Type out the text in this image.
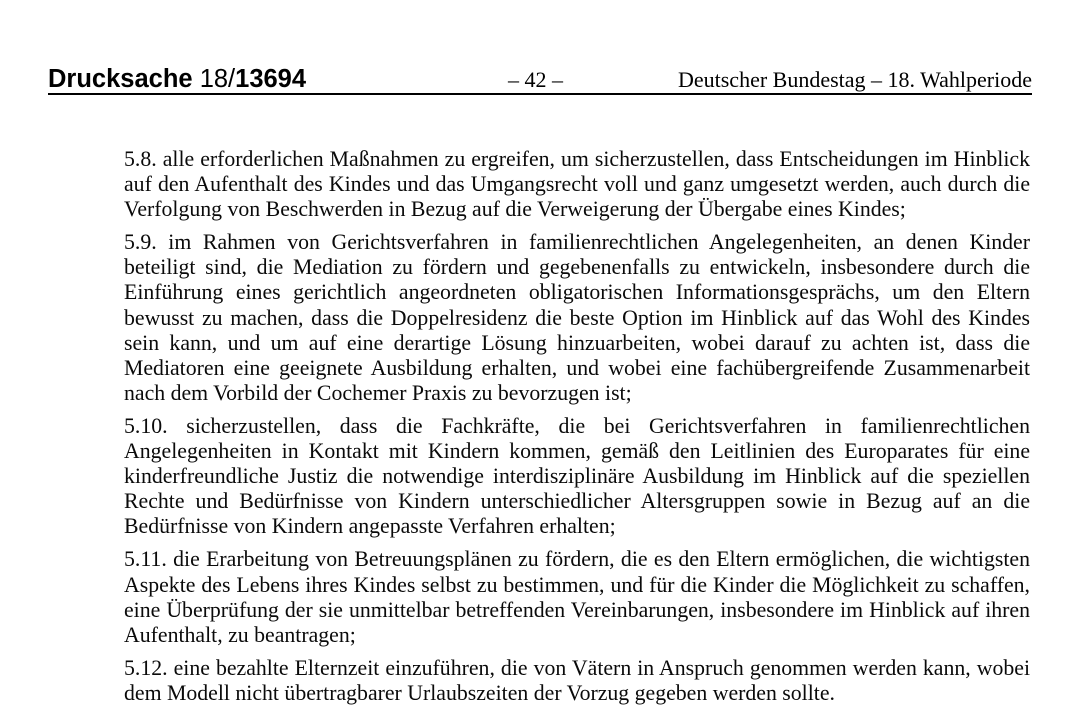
Drucksache 18/13694	– 42 –	Deutscher Bundestag – 18. Wahlperiode
5.8. alle erforderlichen Maßnahmen zu ergreifen, um sicherzustellen, dass Entscheidungen im Hinblick
auf den Aufenthalt des Kindes und das Umgangsrecht voll und ganz umgesetzt werden, auch durch die
Verfolgung von Beschwerden in Bezug auf die Verweigerung der Übergabe eines Kindes;
5.9. im Rahmen von Gerichtsverfahren in familienrechtlichen Angelegenheiten, an denen Kinder
beteiligt sind, die Mediation zu fördern und gegebenenfalls zu entwickeln, insbesondere durch die
Einführung eines gerichtlich angeordneten obligatorischen Informationsgesprächs, um den Eltern
bewusst zu machen, dass die Doppelresidenz die beste Option im Hinblick auf das Wohl des Kindes
sein kann, und um auf eine derartige Lösung hinzuarbeiten, wobei darauf zu achten ist, dass die
Mediatoren eine geeignete Ausbildung erhalten, und wobei eine fachübergreifende Zusammenarbeit
nach dem Vorbild der Cochemer Praxis zu bevorzugen ist;
5.10. sicherzustellen, dass die Fachkräfte, die bei Gerichtsverfahren in familienrechtlichen
Angelegenheiten in Kontakt mit Kindern kommen, gemäß den Leitlinien des Europarates für eine
kinderfreundliche Justiz die notwendige interdisziplinäre Ausbildung im Hinblick auf die speziellen
Rechte und Bedürfnisse von Kindern unterschiedlicher Altersgruppen sowie in Bezug auf an die
Bedürfnisse von Kindern angepasste Verfahren erhalten;
5.11. die Erarbeitung von Betreuungsplänen zu fördern, die es den Eltern ermöglichen, die wichtigsten
Aspekte des Lebens ihres Kindes selbst zu bestimmen, und für die Kinder die Möglichkeit zu schaffen,
eine Überprüfung der sie unmittelbar betreffenden Vereinbarungen, insbesondere im Hinblick auf ihren
Aufenthalt, zu beantragen;
5.12. eine bezahlte Elternzeit einzuführen, die von Vätern in Anspruch genommen werden kann, wobei
dem Modell nicht übertragbarer Urlaubszeiten der Vorzug gegeben werden sollte.
